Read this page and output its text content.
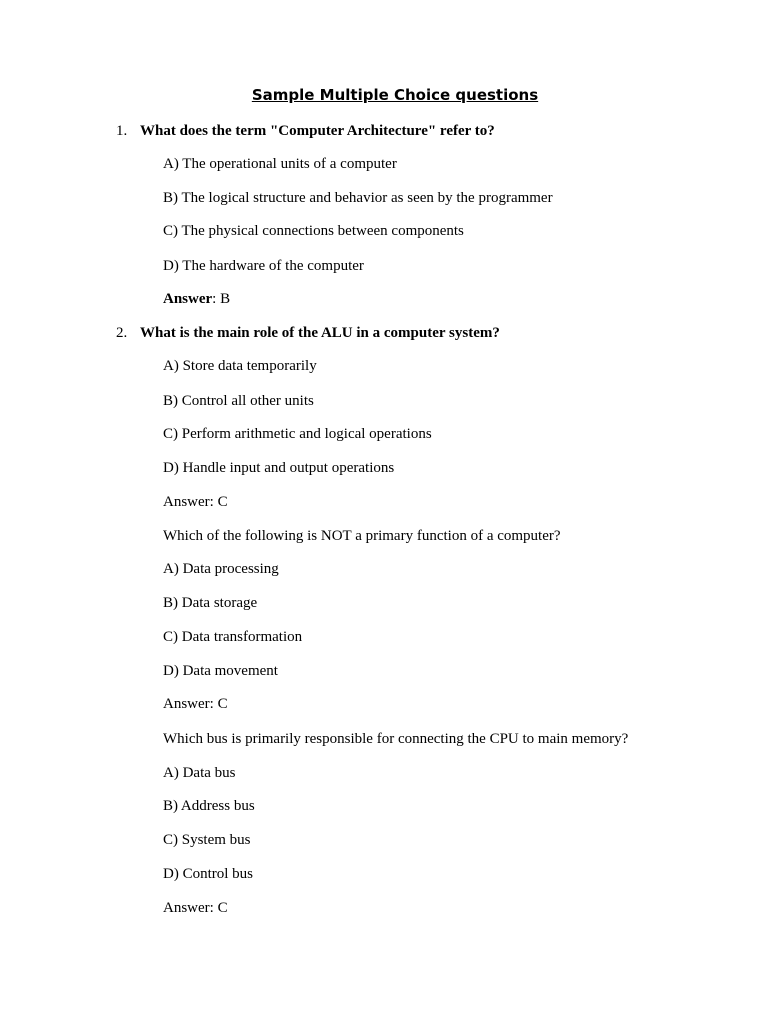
Sample Multiple Choice questions
1. What does the term "Computer Architecture" refer to?
A) The operational units of a computer
B) The logical structure and behavior as seen by the programmer
C) The physical connections between components
D) The hardware of the computer
Answer: B
2. What is the main role of the ALU in a computer system?
A) Store data temporarily
B) Control all other units
C) Perform arithmetic and logical operations
D) Handle input and output operations
Answer: C
Which of the following is NOT a primary function of a computer?
A) Data processing
B) Data storage
C) Data transformation
D) Data movement
Answer: C
Which bus is primarily responsible for connecting the CPU to main memory?
A) Data bus
B) Address bus
C) System bus
D) Control bus
Answer: C
